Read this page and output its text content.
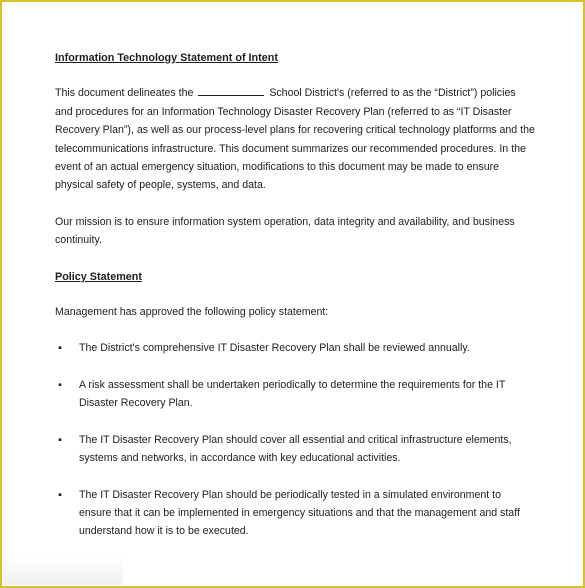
Information Technology Statement of Intent

This document delineates the	School District's (referred to as the “District”) policies and procedures for an Information Technology Disaster Recovery Plan (referred to as “IT Disaster Recovery Plan”), as well as our process-level plans for recovering critical technology platforms and the telecommunications infrastructure. This document summarizes our recommended procedures. In the event of an actual emergency situation, modifications to this document may be made to ensure physical safety of people, systems, and data.

Our mission is to ensure information system operation, data integrity and availability, and business continuity.

Policy Statement

Management has approved the following policy statement:

▪ The District's comprehensive IT Disaster Recovery Plan shall be reviewed annually.
▪ A risk assessment shall be undertaken periodically to determine the requirements for the IT Disaster Recovery Plan.
▪ The IT Disaster Recovery Plan should cover all essential and critical infrastructure elements, systems and networks, in accordance with key educational activities.
▪ The IT Disaster Recovery Plan should be periodically tested in a simulated environment to ensure that it can be implemented in emergency situations and that the management and staff understand how it is to be executed.
